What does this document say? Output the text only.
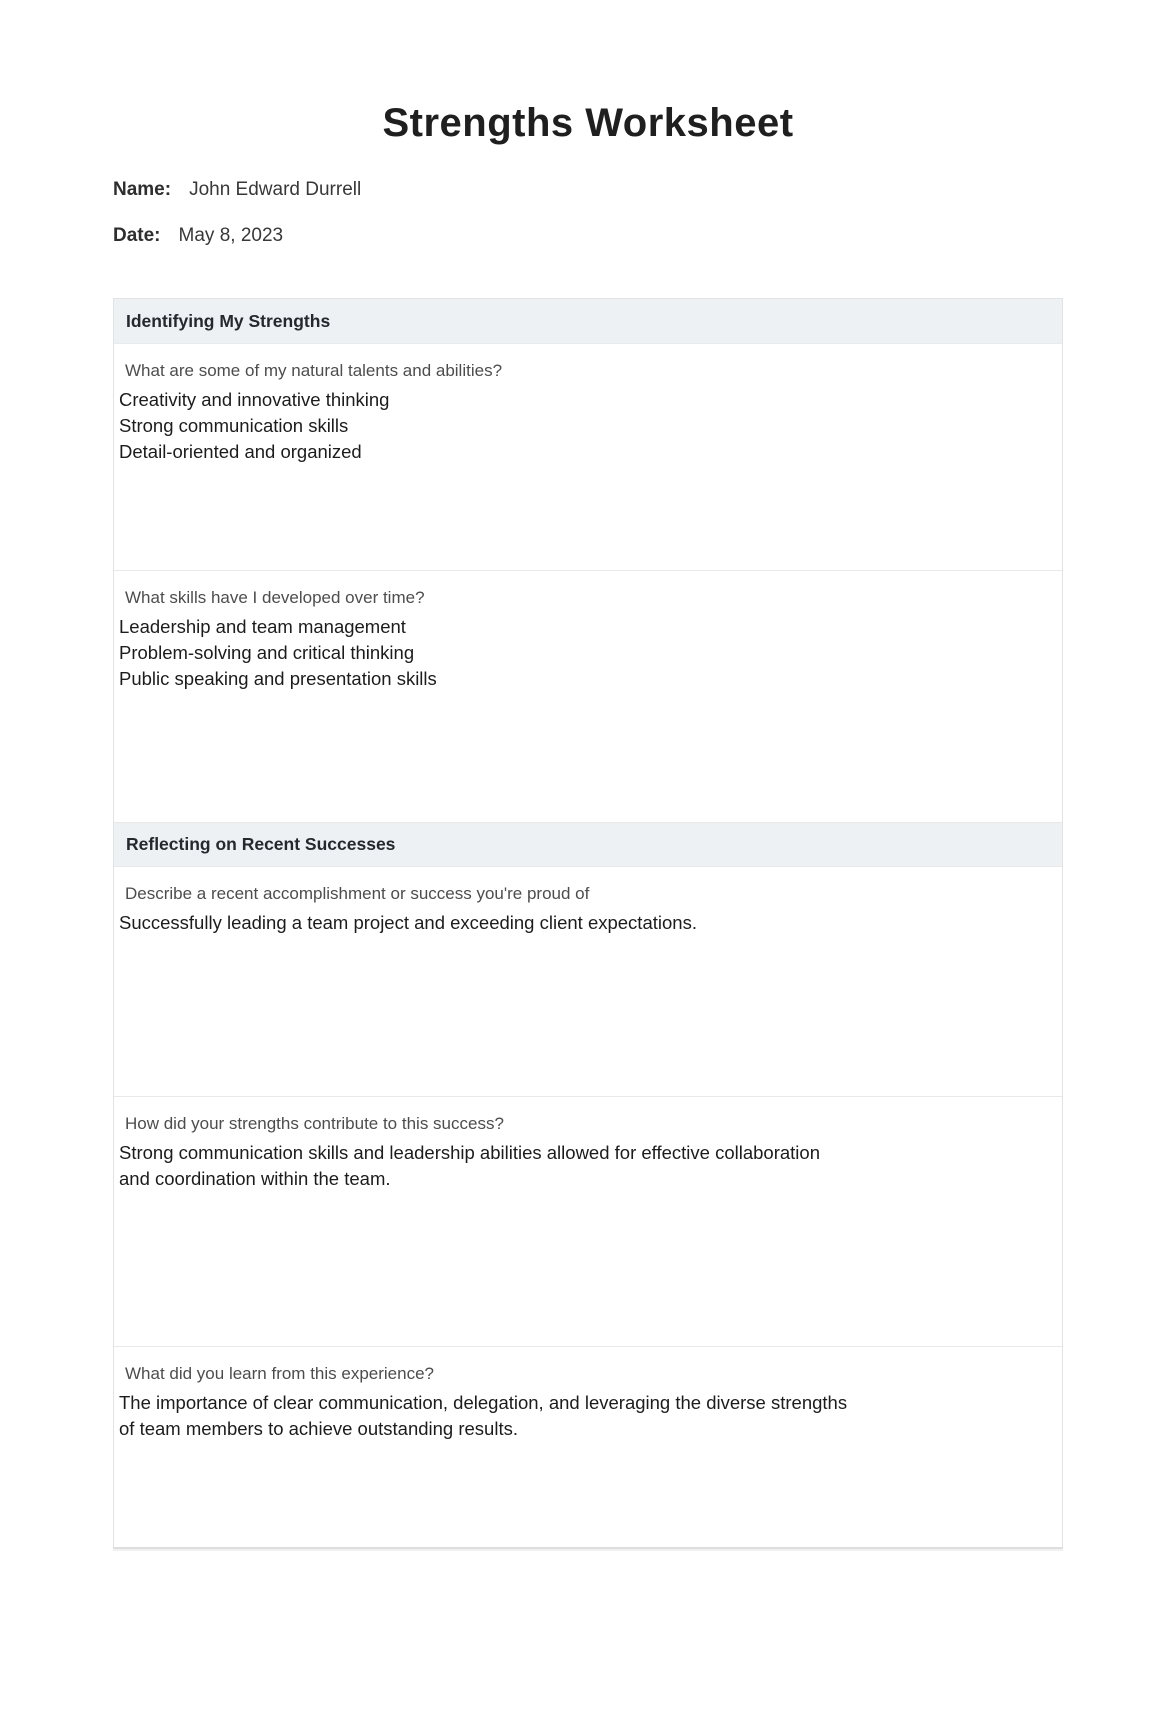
Strengths Worksheet
Name: John Edward Durrell
Date: May 8, 2023
Identifying My Strengths
What are some of my natural talents and abilities?
Creativity and innovative thinking
Strong communication skills
Detail-oriented and organized
What skills have I developed over time?
Leadership and team management
Problem-solving and critical thinking
Public speaking and presentation skills
Reflecting on Recent Successes
Describe a recent accomplishment or success you're proud of
Successfully leading a team project and exceeding client expectations.
How did your strengths contribute to this success?
Strong communication skills and leadership abilities allowed for effective collaboration
and coordination within the team.
What did you learn from this experience?
The importance of clear communication, delegation, and leveraging the diverse strengths
of team members to achieve outstanding results.
